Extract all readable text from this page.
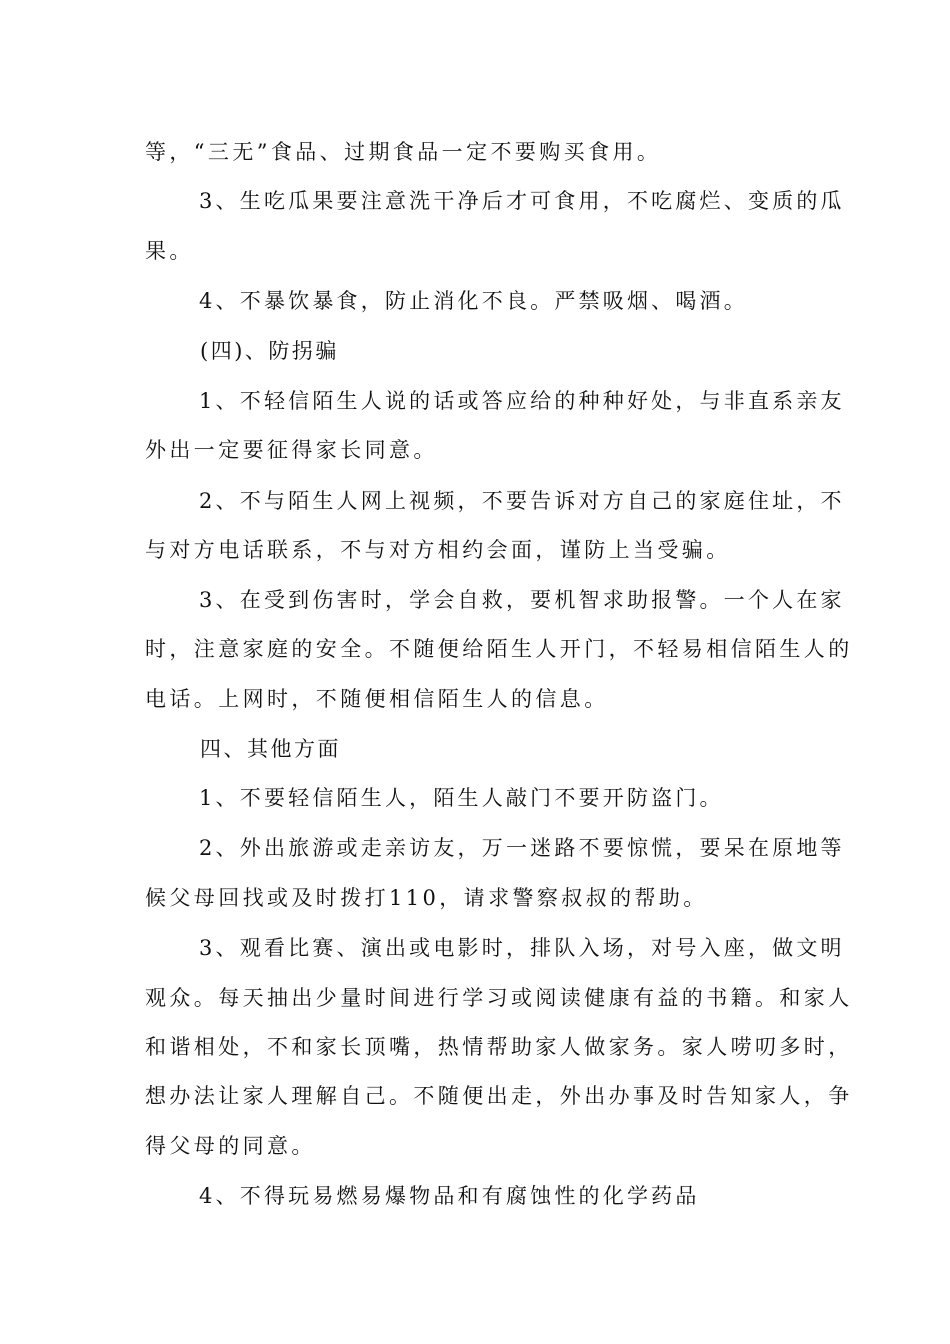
等，“三无”食品、过期食品一定不要购买食用。
3、生吃瓜果要注意洗干净后才可食用，不吃腐烂、变质的瓜
果。
4、不暴饮暴食，防止消化不良。严禁吸烟、喝酒。
(四)、防拐骗
1、不轻信陌生人说的话或答应给的种种好处，与非直系亲友
外出一定要征得家长同意。
2、不与陌生人网上视频，不要告诉对方自己的家庭住址，不
与对方电话联系，不与对方相约会面，谨防上当受骗。
3、在受到伤害时，学会自救，要机智求助报警。一个人在家
时，注意家庭的安全。不随便给陌生人开门，不轻易相信陌生人的
电话。上网时，不随便相信陌生人的信息。
四、其他方面
1、不要轻信陌生人，陌生人敲门不要开防盗门。
2、外出旅游或走亲访友，万一迷路不要惊慌，要呆在原地等
候父母回找或及时拨打110，请求警察叔叔的帮助。
3、观看比赛、演出或电影时，排队入场，对号入座，做文明
观众。每天抽出少量时间进行学习或阅读健康有益的书籍。和家人
和谐相处，不和家长顶嘴，热情帮助家人做家务。家人唠叨多时，
想办法让家人理解自己。不随便出走，外出办事及时告知家人，争
得父母的同意。
4、不得玩易燃易爆物品和有腐蚀性的化学药品
